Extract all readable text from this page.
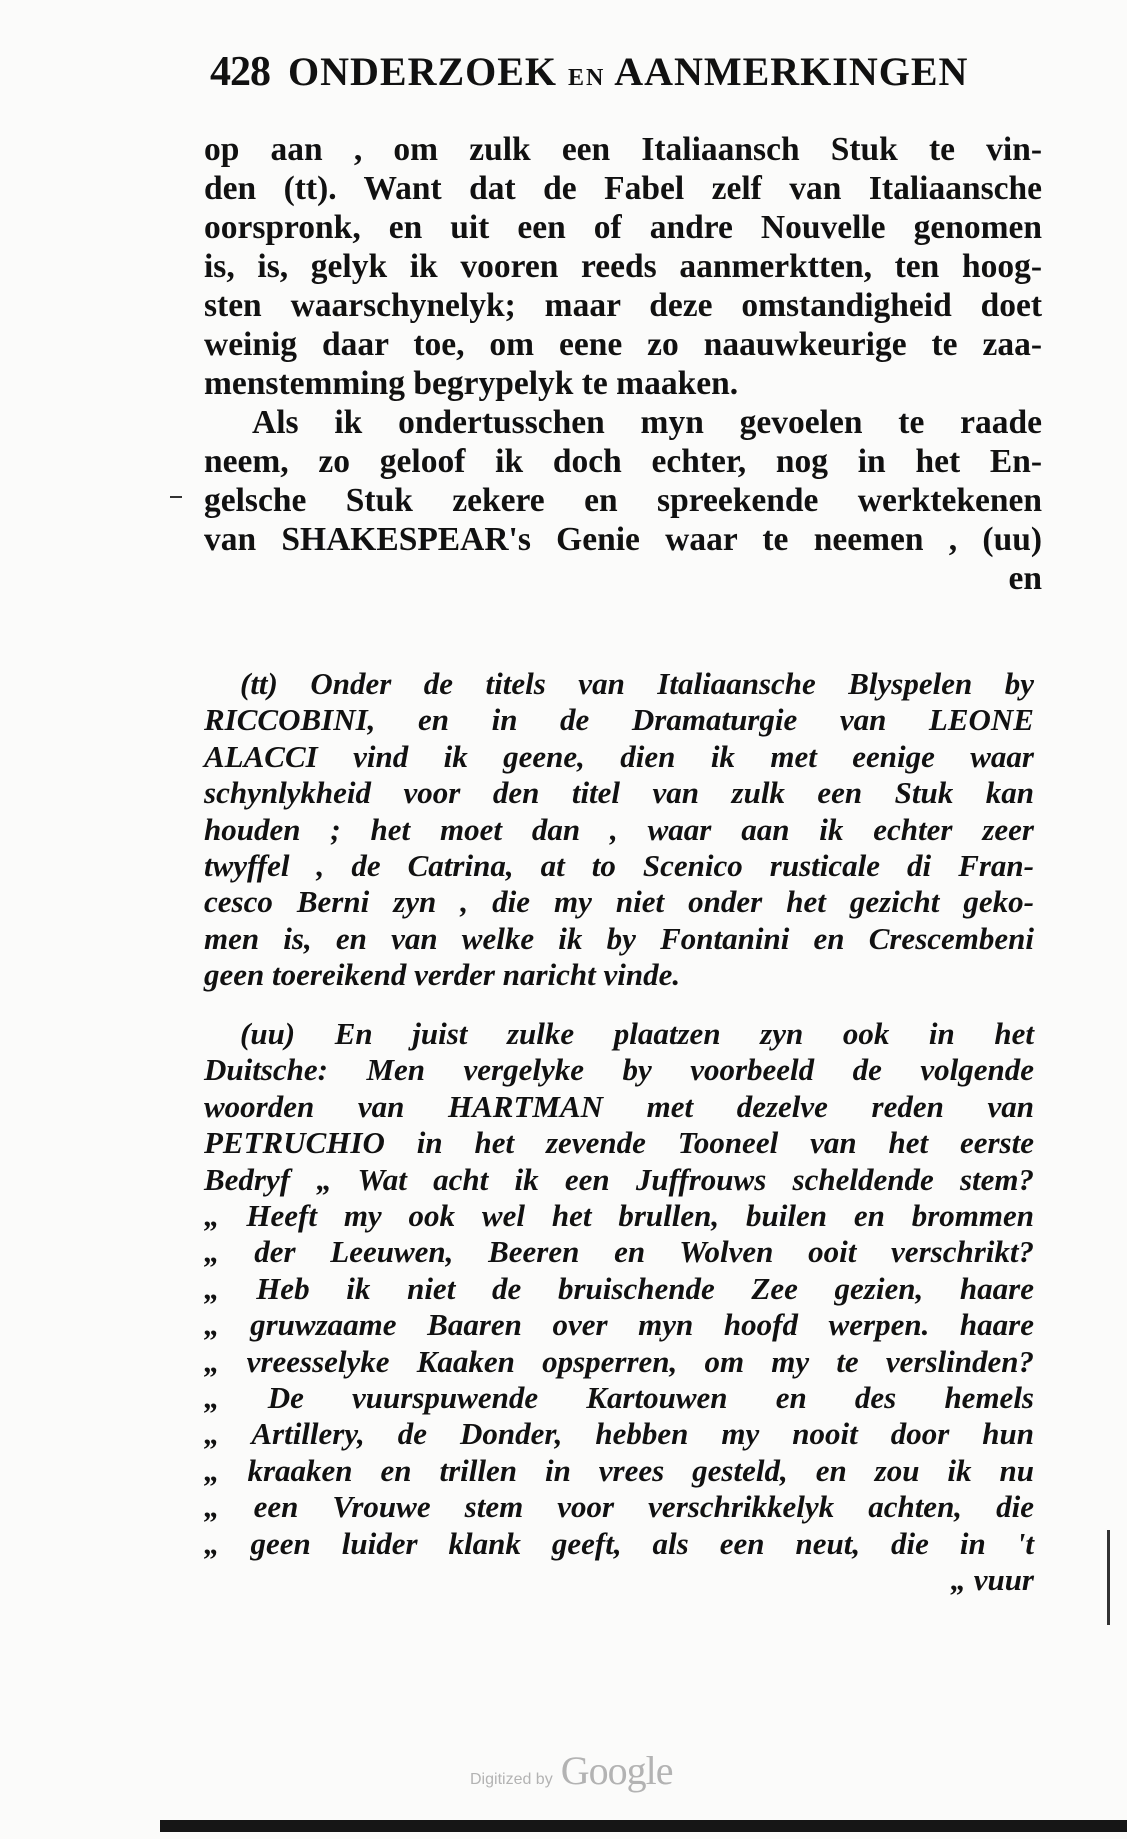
428 ONDERZOEK EN AANMERKINGEN
op aan , om zulk een Italiaansch Stuk te vin-
den (tt). Want dat de Fabel zelf van Italiaansche
oorspronk, en uit een of andre Nouvelle genomen
is, is, gelyk ik vooren reeds aanmerktten, ten hoog-
sten waarschynelyk; maar deze omstandigheid doet
weinig daar toe, om eene zo naauwkeurige te zaa-
menstemming begrypelyk te maaken.
Als ik ondertusschen myn gevoelen te raade
neem, zo geloof ik doch echter, nog in het En-
gelsche Stuk zekere en spreekende werktekenen
van SHAKESPEAR's Genie waar te neemen , (uu)
en
(tt) Onder de titels van Italiaansche Blyspelen by
RICCOBINI, en in de Dramaturgie van LEONE
ALACCI vind ik geene, dien ik met eenige waar
schynlykheid voor den titel van zulk een Stuk kan
houden ; het moet dan , waar aan ik echter zeer
twyffel , de Catrina, at to Scenico rusticale di Fran-
cesco Berni zyn , die my niet onder het gezicht geko-
men is, en van welke ik by Fontanini en Crescembeni
geen toereikend verder naricht vinde.
(uu) En juist zulke plaatzen zyn ook in het
Duitsche: Men vergelyke by voorbeeld de volgende
woorden van HARTMAN met dezelve reden van
PETRUCHIO in het zevende Tooneel van het eerste
Bedryf „ Wat acht ik een Juffrouws scheldende stem?
„ Heeft my ook wel het brullen, builen en brommen
„ der Leeuwen, Beeren en Wolven ooit verschrikt?
„ Heb ik niet de bruischende Zee gezien, haare
„ gruwzaame Baaren over myn hoofd werpen. haare
„ vreesselyke Kaaken opsperren, om my te verslinden?
„ De vuurspuwende Kartouwen en des hemels
„ Artillery, de Donder, hebben my nooit door hun
„ kraaken en trillen in vrees gesteld, en zou ik nu
„ een Vrouwe stem voor verschrikkelyk achten, die
„ geen luider klank geeft, als een neut, die in 't
„ vuur
Digitized by Google
